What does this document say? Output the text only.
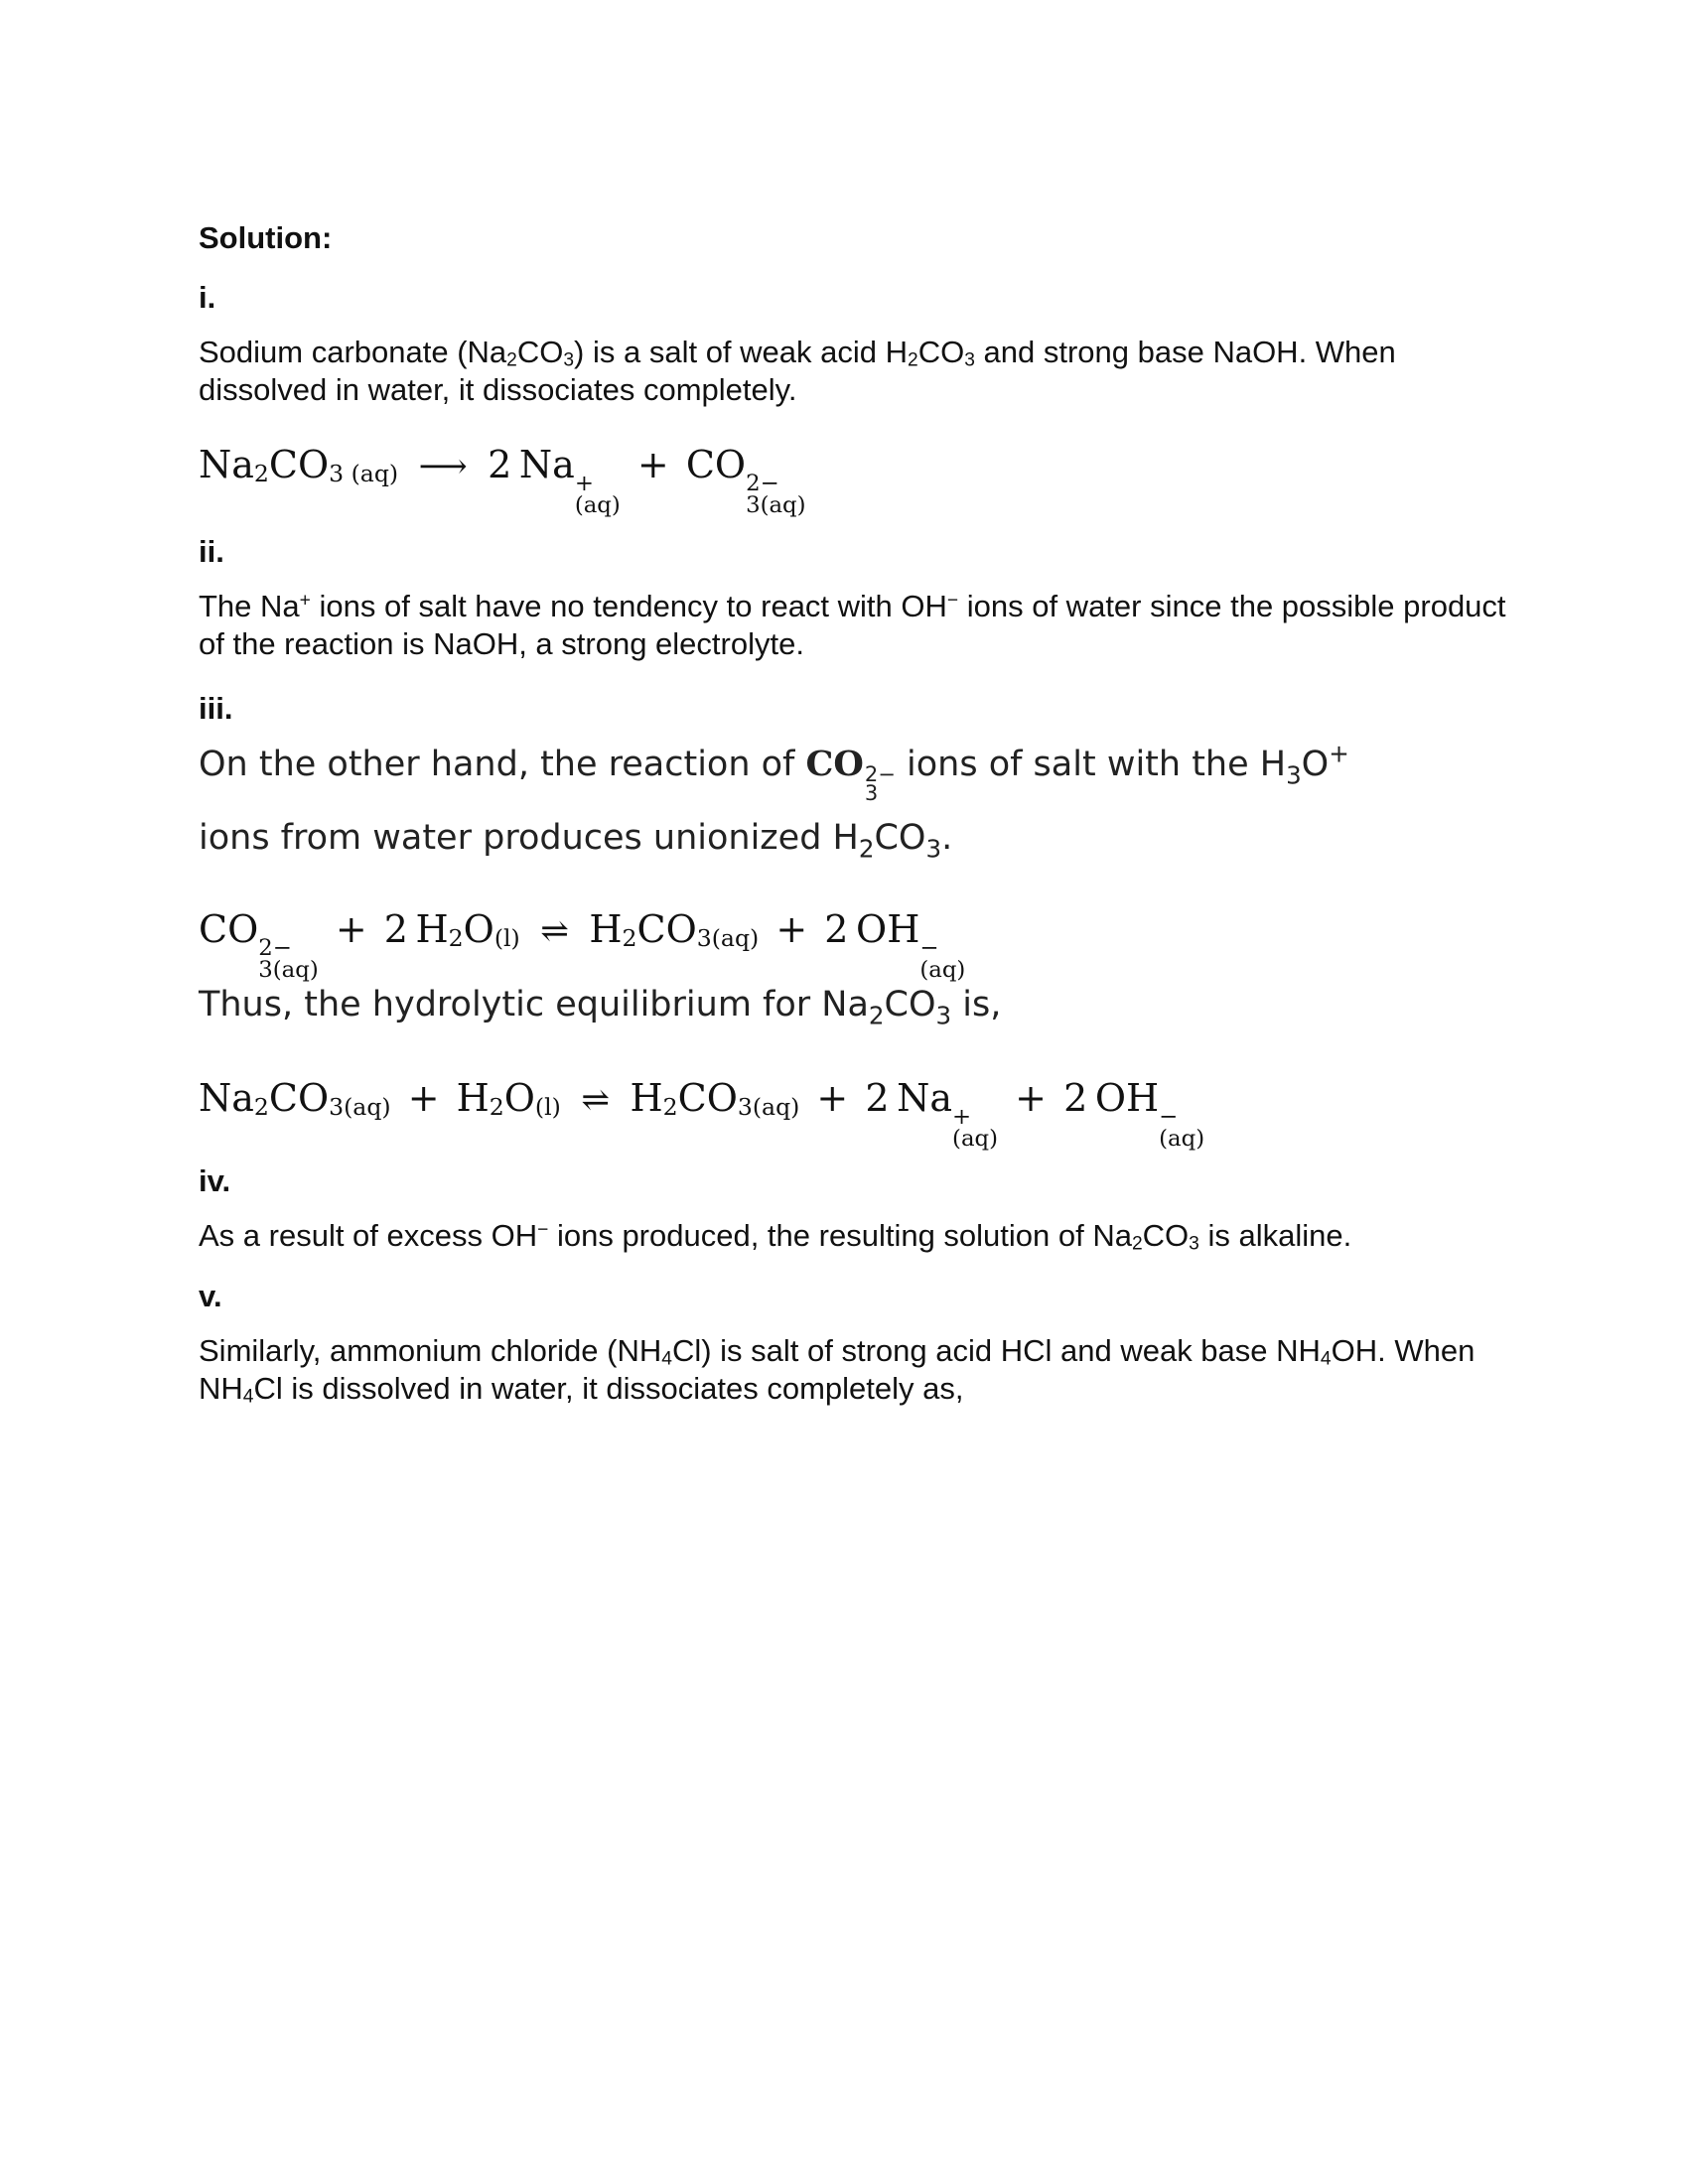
Solution:
i.

Sodium carbonate (Na2CO3) is a salt of weak acid H2CO3 and strong base NaOH. When dissolved in water, it dissociates completely.

Na2CO3 (aq) ⟶ 2 Na +
(aq)
+ CO 2−
3(aq)
ii.

The Na+ ions of salt have no tendency to react with OH− ions of water since the possible product of the reaction is NaOH, a strong electrolyte.

iii.
On the other hand, the reaction of CO 2−
3
ions of salt with the $H_3O^+$
ions from water produces unionized $H_2CO_3$.
CO 2−
3(aq)
+ 2 H2O(l) ⇌ H2CO3(aq) + 2 OH −
(aq)
Thus, the hydrolytic equilibrium for $Na_2CO_3$ is,
Na2CO3(aq) + H2O(l) ⇌ H2CO3(aq) + 2 Na +
(aq)
+ 2 OH −
(aq)
iv.

As a result of excess OH− ions produced, the resulting solution of Na2CO3 is alkaline.

v.

Similarly, ammonium chloride (NH4Cl) is salt of strong acid HCl and weak base NH4OH. When NH4Cl is dissolved in water, it dissociates completely as,
